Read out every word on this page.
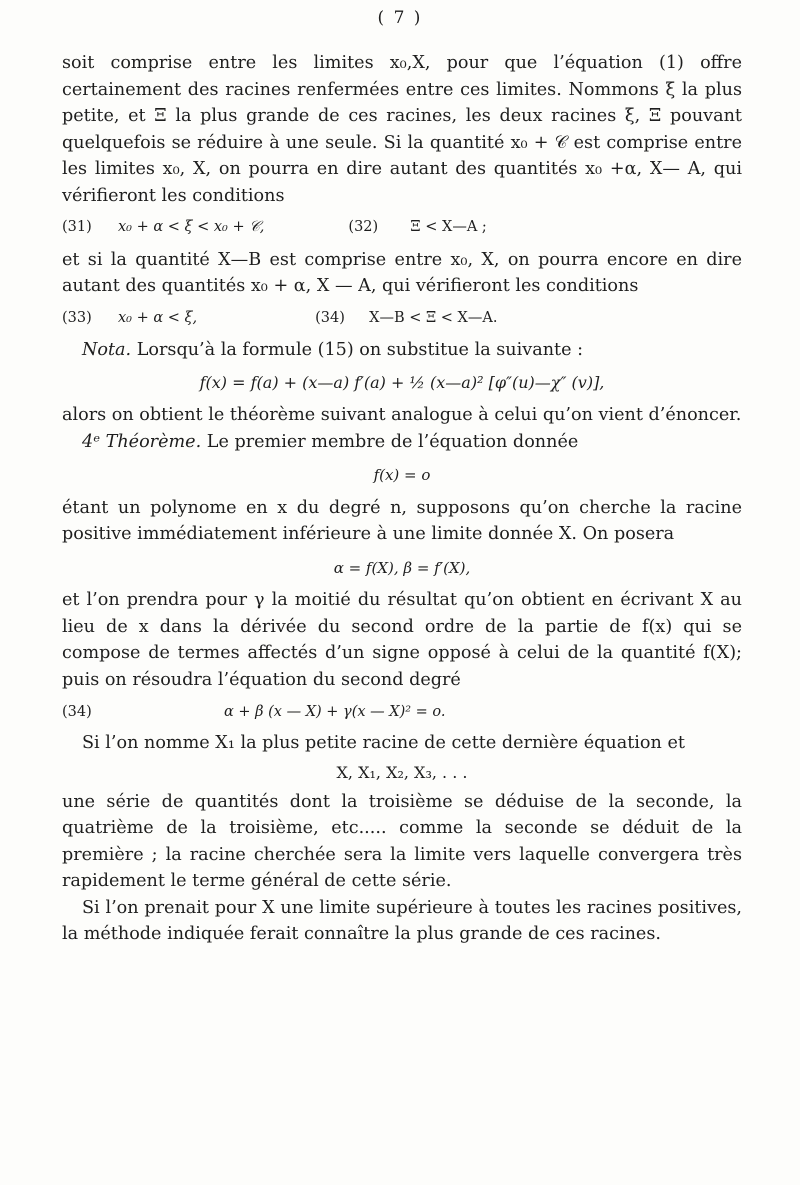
( 7 )

soit comprise entre les limites x₀,X, pour que l’équation (1) offre certainement des racines renfermées entre ces limites. Nommons ξ la plus petite, et Ξ la plus grande de ces racines, les deux racines ξ, Ξ pouvant quelquefois se réduire à une seule. Si la quantité x₀ + 𝒞 est comprise entre les limites x₀, X, on pourra en dire autant des quantités x₀ +α, X— A, qui vérifieront les conditions

(31)	x₀ + α < ξ < x₀ + 𝒞,	(32)	Ξ < X—A ;

et si la quantité X—B est comprise entre x₀, X, on pourra encore en dire autant des quantités x₀ + α, X — A, qui vérifieront les conditions

(33)	x₀ + α < ξ,	(34)	X—B < Ξ < X—A.

Nota. Lorsqu’à la formule (15) on substitue la suivante :

f(x) = f(a) + (x—a) f′(a) + ½ (x—a)² [φ″(u)—χ″ (v)],

alors on obtient le théorème suivant analogue à celui qu’on vient d’énoncer.

4ᵉ Théorème. Le premier membre de l’équation donnée

f(x) = o

étant un polynome en x du degré n, supposons qu’on cherche la racine positive immédiatement inférieure à une limite donnée X. On posera

α = f(X), β = f′(X),

et l’on prendra pour γ la moitié du résultat qu’on obtient en écrivant X au lieu de x dans la dérivée du second ordre de la partie de f(x) qui se compose de termes affectés d’un signe opposé à celui de la quantité f(X); puis on résoudra l’équation du second degré

(34)	α + β (x — X) + γ(x — X)² = o.

Si l’on nomme X₁ la plus petite racine de cette dernière équation et

X, X₁, X₂, X₃, . . .

une série de quantités dont la troisième se déduise de la seconde, la quatrième de la troisième, etc..... comme la seconde se déduit de la première ; la racine cherchée sera la limite vers laquelle convergera très rapidement le terme général de cette série.

Si l’on prenait pour X une limite supérieure à toutes les racines positives, la méthode indiquée ferait connaître la plus grande de ces racines.
